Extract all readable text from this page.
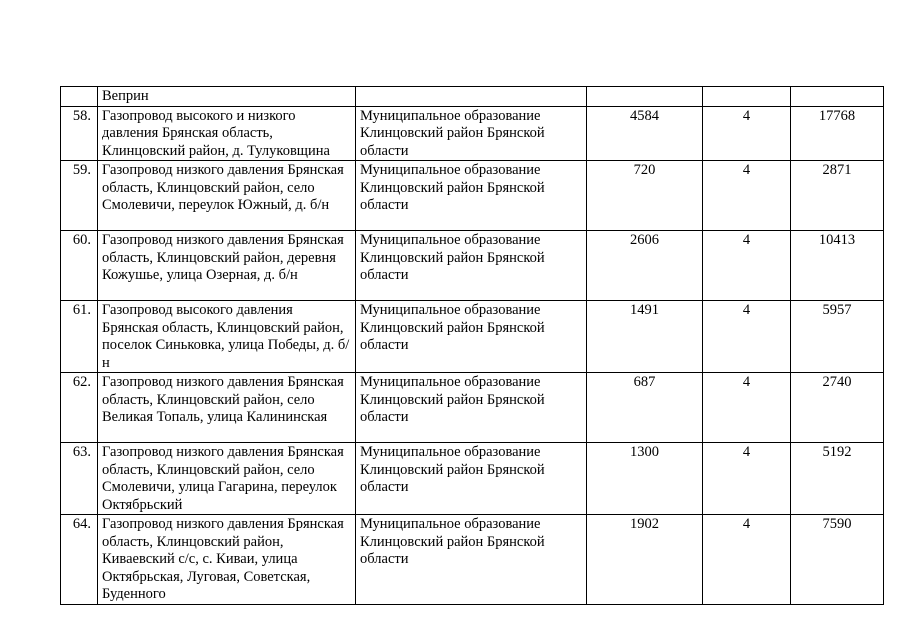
	Веприн				
58.	Газопровод высокого и низкого давления Брянская область, Клинцовский район, д. Тулуковщина	Муниципальное образование Клинцовский район Брянской области	4584	4	17768
59.	Газопровод низкого давления Брянская область, Клинцовский район, село Смолевичи, переулок Южный, д. б/н	Муниципальное образование Клинцовский район Брянской области	720	4	2871
60.	Газопровод низкого давления Брянская область, Клинцовский район, деревня Кожушье, улица Озерная, д. б/н	Муниципальное образование Клинцовский район Брянской области	2606	4	10413
61.	Газопровод высокого давления Брянская область, Клинцовский район, поселок Синьковка, улица Победы, д. б/н	Муниципальное образование Клинцовский район Брянской области	1491	4	5957
62.	Газопровод низкого давления Брянская область, Клинцовский район, село Великая Топаль, улица Калининская	Муниципальное образование Клинцовский район Брянской области	687	4	2740
63.	Газопровод низкого давления Брянская область, Клинцовский район, село Смолевичи, улица Гагарина, переулок Октябрьский	Муниципальное образование Клинцовский район Брянской области	1300	4	5192
64.	Газопровод низкого давления Брянская область, Клинцовский район, Киваевский с/с, с. Киваи, улица Октябрьская, Луговая, Советская, Буденного	Муниципальное образование Клинцовский район Брянской области	1902	4	7590
